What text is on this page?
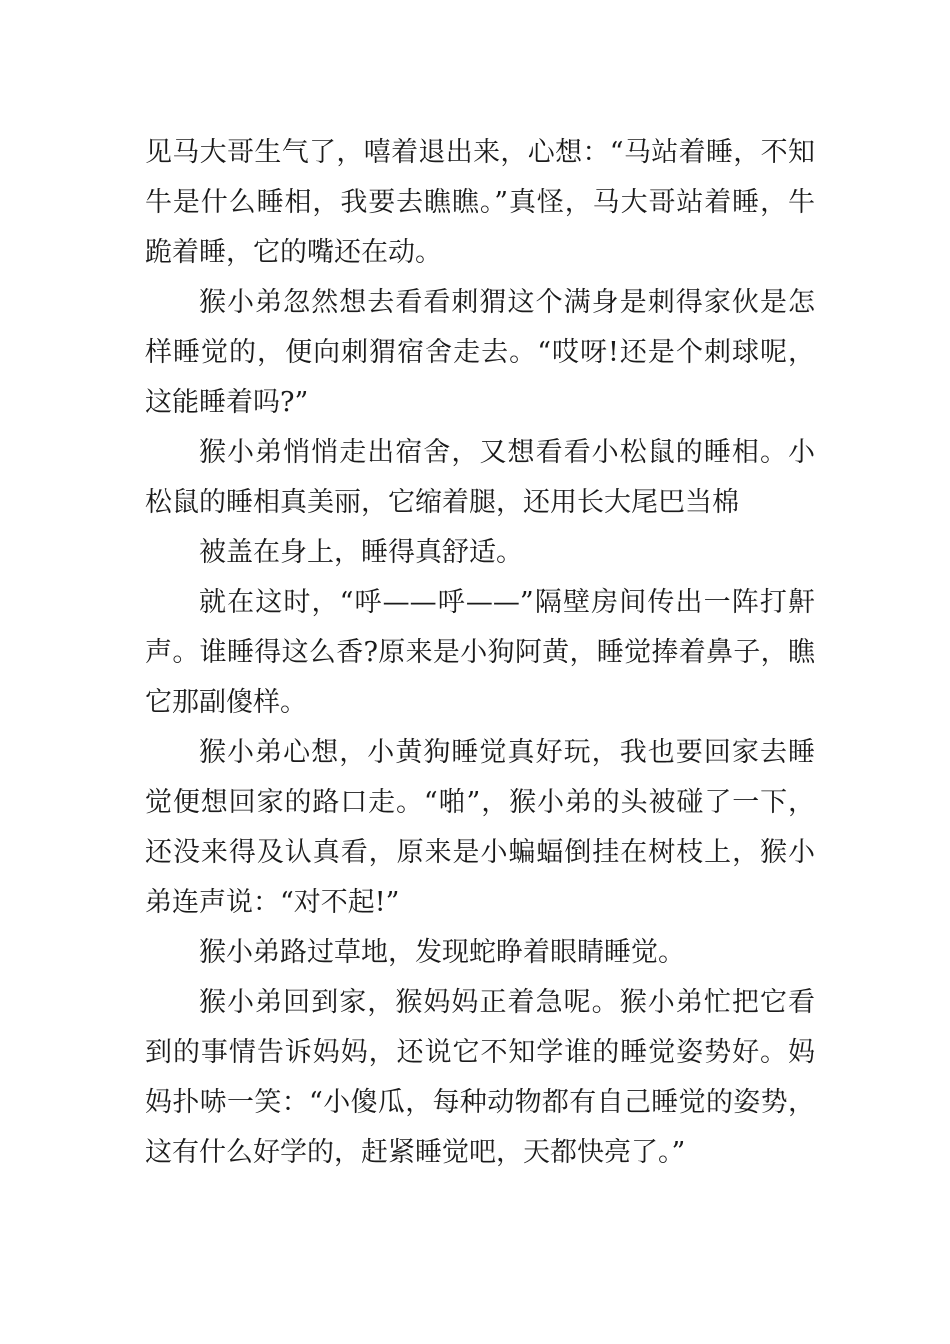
见马大哥生气了，嘻着退出来，心想：“马站着睡，不知牛是什么睡相，我要去瞧瞧。”真怪，马大哥站着睡，牛跪着睡，它的嘴还在动。

猴小弟忽然想去看看刺猬这个满身是刺得家伙是怎样睡觉的，便向刺猬宿舍走去。“哎呀!还是个刺球呢，这能睡着吗?”

猴小弟悄悄走出宿舍，又想看看小松鼠的睡相。小松鼠的睡相真美丽，它缩着腿，还用长大尾巴当棉

被盖在身上，睡得真舒适。

就在这时，“呼——呼——”隔壁房间传出一阵打鼾声。谁睡得这么香?原来是小狗阿黄，睡觉捧着鼻子，瞧它那副傻样。

猴小弟心想，小黄狗睡觉真好玩，我也要回家去睡觉便想回家的路口走。“啪”，猴小弟的头被碰了一下，还没来得及认真看，原来是小蝙蝠倒挂在树枝上，猴小弟连声说：“对不起!”

猴小弟路过草地，发现蛇睁着眼睛睡觉。

猴小弟回到家，猴妈妈正着急呢。猴小弟忙把它看到的事情告诉妈妈，还说它不知学谁的睡觉姿势好。妈妈扑哧一笑：“小傻瓜，每种动物都有自己睡觉的姿势，这有什么好学的，赶紧睡觉吧，天都快亮了。”
